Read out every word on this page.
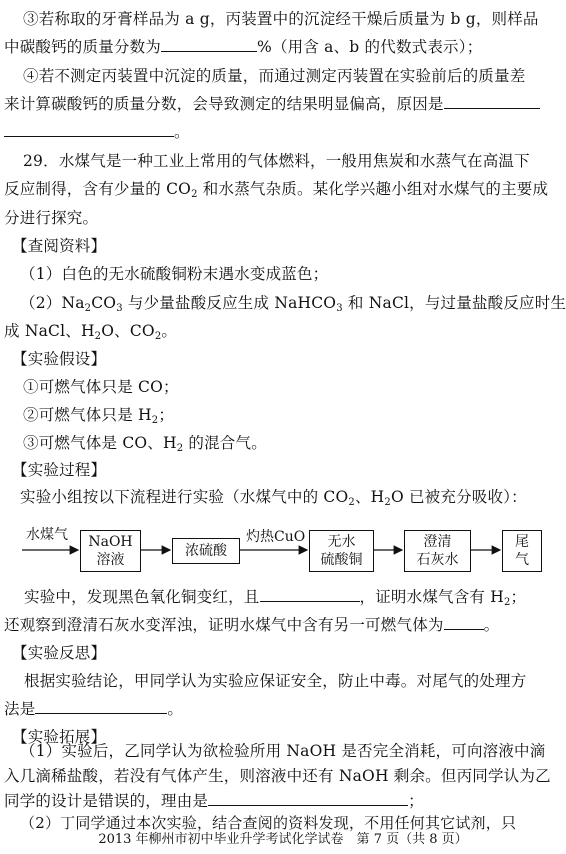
③若称取的牙膏样品为 a g，丙装置中的沉淀经干燥后质量为 b g，则样品
中碳酸钙的质量分数为	%（用含 a、b 的代数式表示）；
④若不测定丙装置中沉淀的质量，而通过测定丙装置在实验前后的质量差
来计算碳酸钙的质量分数，会导致测定的结果明显偏高，原因是
。
29．水煤气是一种工业上常用的气体燃料，一般用焦炭和水蒸气在高温下
反应制得，含有少量的 $CO_2$ 和水蒸气杂质。某化学兴趣小组对水煤气的主要成
分进行探究。
【查阅资料】
（1）白色的无水硫酸铜粉末遇水变成蓝色；
$(2)Na_2CO_3$ 与少量盐酸反应生成 NaHCO$_3$ 和 NaCl，与过量盐酸反应时生
成 NaCl、$H_2O$、$CO_2$。
【实验假设】
①可燃气体只是 CO；
②可燃气体只是 $H_2$；
③可燃气体是 CO、$H_2$ 的混合气。
【实验过程】
实验小组按以下流程进行实验（水煤气中的 $CO_2$、$H_2O$ 已被充分吸收）：
水煤气 NaOH
溶液
浓硫酸
灼热CuO 无水
硫酸铜
澄清
石灰水
尾
气
实验中，发现黑色氧化铜变红，且	，证明水煤气含有 $H_2$；
还观察到澄清石灰水变浑浊，证明水煤气中含有另一可燃气体为	。
【实验反思】
根据实验结论，甲同学认为实验应保证安全，防止中毒。对尾气的处理方
法是	。
【实验拓展】
（1）实验后，乙同学认为欲检验所用 NaOH 是否完全消耗，可向溶液中滴
入几滴稀盐酸，若没有气体产生，则溶液中还有 NaOH 剩余。但丙同学认为乙
同学的设计是错误的，理由是	；
（2）丁同学通过本次实验，结合查阅的资料发现，不用任何其它试剂，只
2013 年柳州市初中毕业升学考试化学试卷　第 7 页（共 8 页）
